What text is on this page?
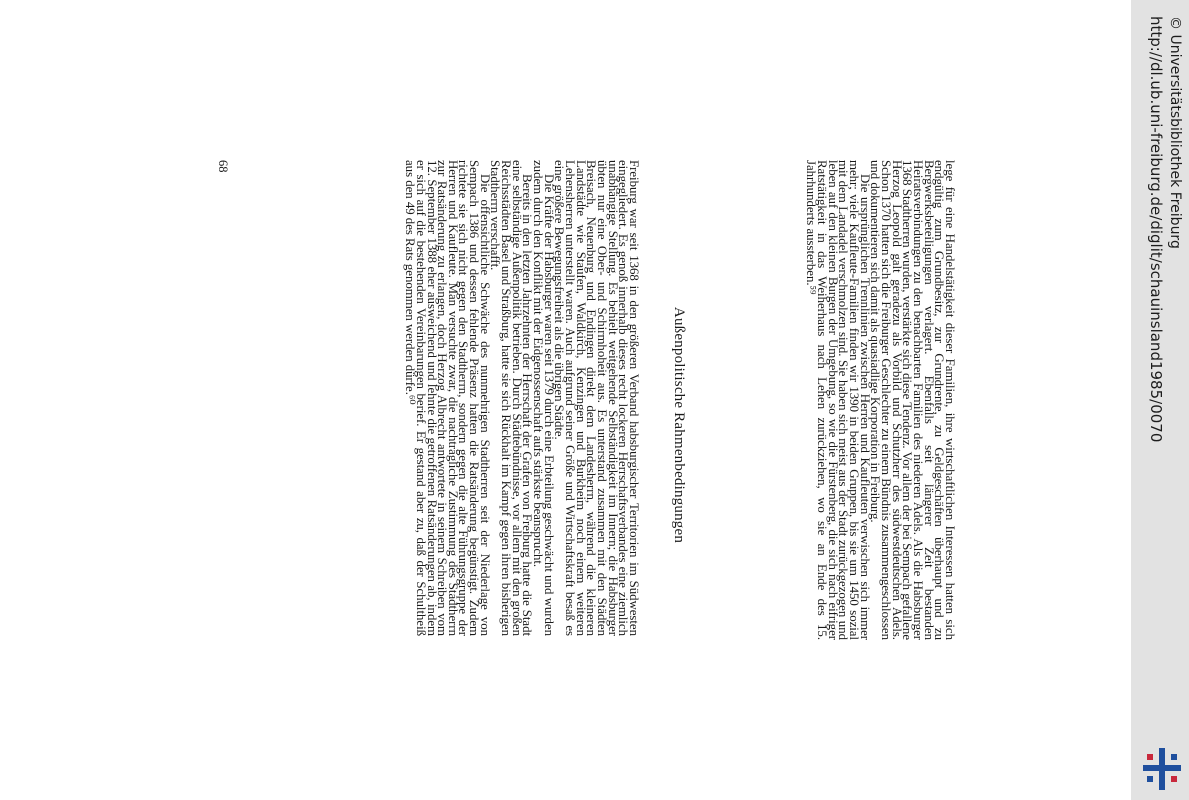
lege für eine Handelstätigkeit dieser Familien, ihre wirtschaftlichen Interessen hatten sich endgültig zum Grundbesitz, zur Grundrente, zu Geldgeschäften überhaupt und zu Bergwerksbeteiligungen verlagert. Ebenfalls seit längerer Zeit bestanden Heiratsverbindungen zu den benachbarten Familien des niederen Adels. Als die Habsburger 1368 Stadtherren wurden, verstärkte sich diese Tendenz. Vor allem der bei Sempach gefallene Herzog Leopold galt geradezu als Vorbild und Schutzherr des südwestdeutschen Adels. Schon 1370 hatten sich die Freiburger Geschlechter zu einem Bündnis zusammengeschlossen und dokumentieren sich damit als quasiadlige Korporation in Freiburg.

Die ursprünglichen Trennlinien zwischen Herren und Kaufleuten verwischen sich immer mehr; viele Kaufleute-Familien finden wir 1390 in beiden Gruppen, bis sie um 1450 sozial mit dem Landadel verschmolzen sind. Sie haben sich meist aus der Stadt zurückgezogen und leben auf den kleinen Burgen der Umgebung, so wie die Fürstenberg, die sich nach eifriger Ratstätigkeit in das Weiherhaus nach Lehen zurückziehen, wo sie an Ende des 15. Jahrhunderts aussterben.⁵⁹

Außenpolitische Rahmenbedingungen

Freiburg war seit 1368 in den größeren Verband habsburgischer Territorien im Südwesten eingegliedert. Es genoß innerhalb dieses recht lockeren Herrschaftsverbandes eine ziemlich unabhängige Stellung. Es behielt weitgehende Selbständigkeit im Innern; die Habsburger übten nur eine Ober- und Schirmhoheit aus. Es unterstand zusammen mit den Städten Breisach, Neuenburg und Endingen direkt dem Landesherrn, während die kleineren Landstädte wie Staufen, Waldkirch, Kenzingen und Burkheim noch einem weiteren Lehensherren unterstellt waren. Auch aufgrund seiner Größe und Wirtschaftskraft besaß es eine größere Bewegungsfreiheit als die übrigen Städte.

Die Kräfte der Habsburger waren seit 1379 durch eine Erbteilung geschwächt und wurden zudem durch den Konflikt mit der Eidgenossenschaft aufs stärkste beansprucht.

Bereits in den letzten Jahrzehnten der Herrschaft der Grafen von Freiburg hatte die Stadt eine selbständige Außenpolitik betrieben. Durch Städtebündnisse, vor allem mit den großen Reichsstädten Basel und Straßburg, hatte sie sich Rückhalt im Kampf gegen ihren bisherigen Stadtherrn verschafft.

Die offensichtliche Schwäche des nunmehrigen Stadtherren seit der Niederlage von Sempach 1386 und dessen fehlende Präsenz hatten die Ratsänderung begünstigt. Zudem richtete sie sich nicht gegen den Stadtherrn, sondern gegen die alte Führungsgruppe der Herren und Kaufleute. Man versuchte zwar, die nachträgliche Zustimmung des Stadtherrn zur Ratsänderung zu erlangen, doch Herzog Albrecht antwortete in seinem Schreiben vom 12. September 1388 eher ausweichend und lehnte die getroffenen Ratsänderungen ab, indem er sich auf die bestehenden Vereinbarungen berief. Er gestand aber zu, daß der Schultheiß aus den 49 des Rats genommen werden dürfe.⁶⁰

68	http://dl.ub.uni-freiburg.de/diglit/schauinsland1985/0070 © Universitätsbibliothek Freiburg
